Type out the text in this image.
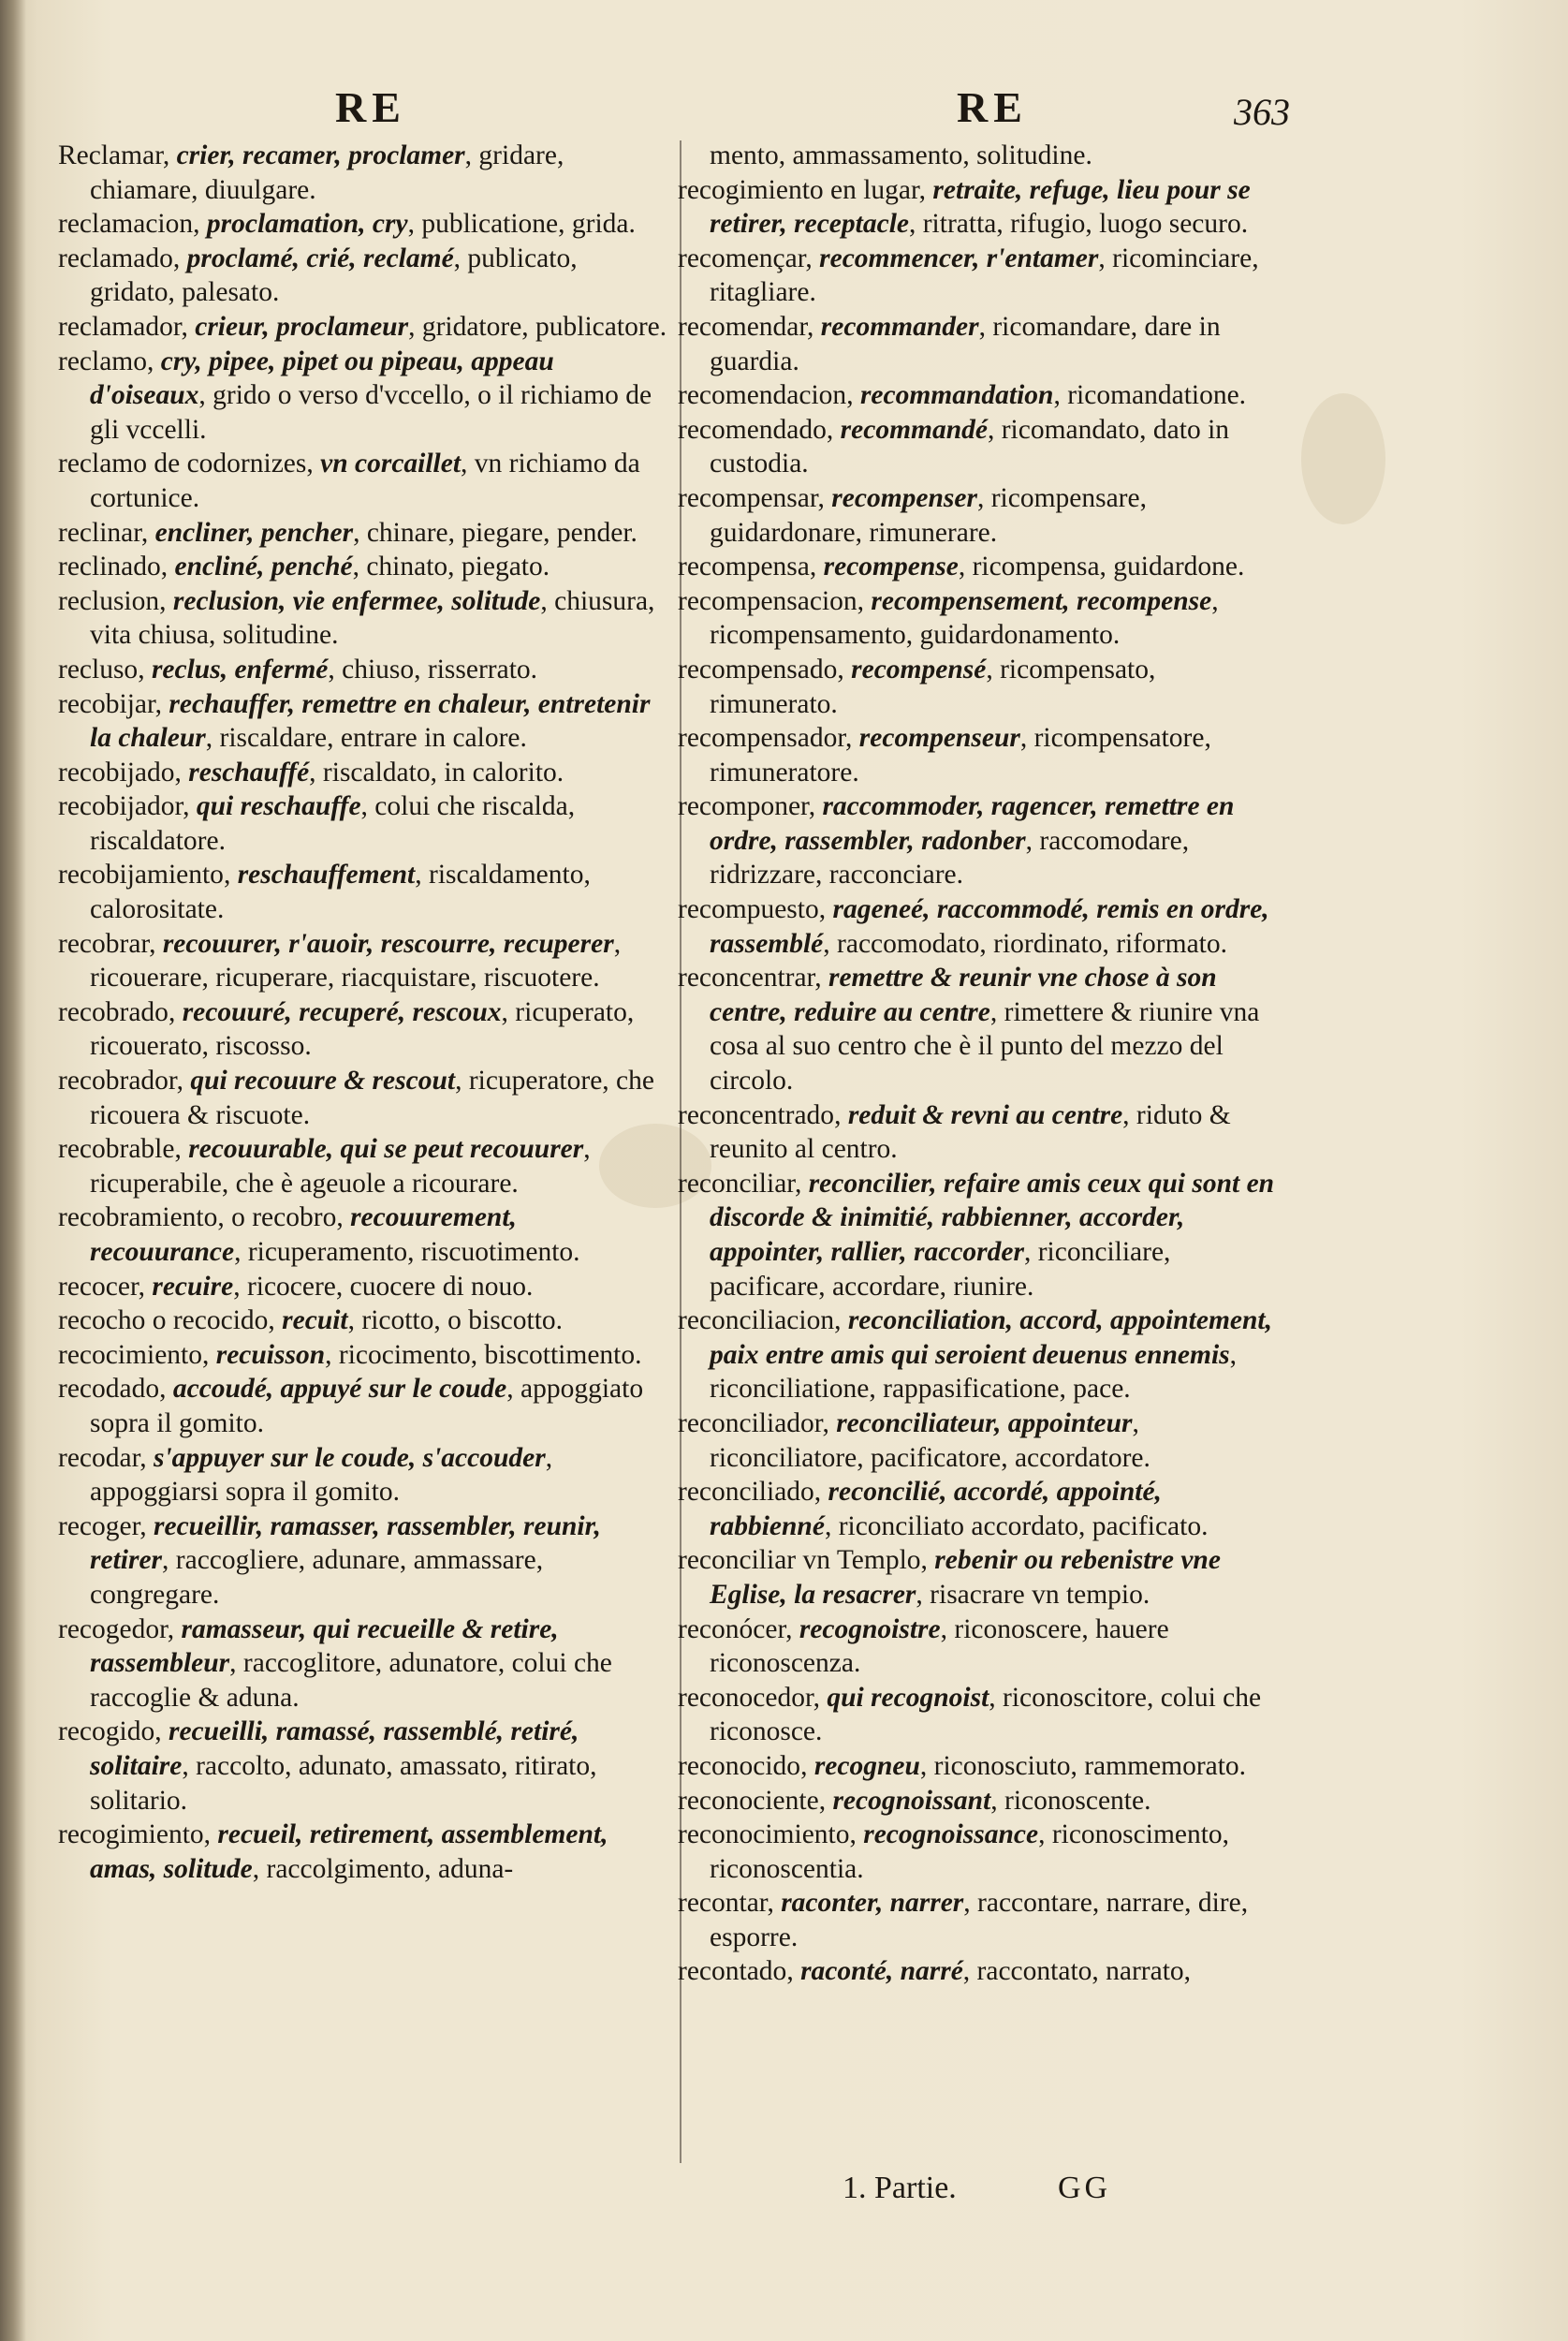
RE	RE	363

Reclamar, crier, recamer, proclamer, gridare, chiamare, diuulgare.

reclamacion, proclamation, cry, publicatione, grida.

reclamado, proclamé, crié, reclamé, publicato, gridato, palesato.

reclamador, crieur, proclameur, gridatore, publicatore.

reclamo, cry, pipee, pipet ou pipeau, appeau d'oiseaux, grido o verso d'vccello, o il richiamo de gli vccelli.

reclamo de codornizes, vn corcaillet, vn richiamo da cortunice.

reclinar, encliner, pencher, chinare, piegare, pender.

reclinado, encliné, penché, chinato, piegato.

reclusion, reclusion, vie enfermee, solitude, chiusura, vita chiusa, solitudine.

recluso, reclus, enfermé, chiuso, risserrato.

recobijar, rechauffer, remettre en chaleur, entretenir la chaleur, riscaldare, entrare in calore.

recobijado, reschauffé, riscaldato, in calorito.

recobijador, qui reschauffe, colui che riscalda, riscaldatore.

recobijamiento, reschauffement, riscaldamento, calorositate.

recobrar, recouurer, r'auoir, rescourre, recuperer, ricouerare, ricuperare, riacquistare, riscuotere.

recobrado, recouuré, recuperé, rescoux, ricuperato, ricouerato, riscosso.

recobrador, qui recouure & rescout, ricuperatore, che ricouera & riscuote.

recobrable, recouurable, qui se peut recouurer, ricuperabile, che è ageuole a ricourare.

recobramiento, o recobro, recouurement, recouurance, ricuperamento, riscuotimento.

recocer, recuire, ricocere, cuocere di nouo.

recocho o recocido, recuit, ricotto, o biscotto.

recocimiento, recuisson, ricocimento, biscottimento.

recodado, accoudé, appuyé sur le coude, appoggiato sopra il gomito.

recodar, s'appuyer sur le coude, s'accouder, appoggiarsi sopra il gomito.

recoger, recueillir, ramasser, rassembler, reunir, retirer, raccogliere, adunare, ammassare, congregare.

recogedor, ramasseur, qui recueille & retire, rassembleur, raccoglitore, adunatore, colui che raccoglie & aduna.

recogido, recueilli, ramassé, rassemblé, retiré, solitaire, raccolto, adunato, amassato, ritirato, solitario.

recogimiento, recueil, retirement, assemblement, amas, solitude, raccolgimento, aduna-

mento, ammassamento, solitudine.

recogimiento en lugar, retraite, refuge, lieu pour se retirer, receptacle, ritratta, rifugio, luogo securo.

recomençar, recommencer, r'entamer, ricominciare, ritagliare.

recomendar, recommander, ricomandare, dare in guardia.

recomendacion, recommandation, ricomandatione.

recomendado, recommandé, ricomandato, dato in custodia.

recompensar, recompenser, ricompensare, guidardonare, rimunerare.

recompensa, recompense, ricompensa, guidardone.

recompensacion, recompensement, recompense, ricompensamento, guidardonamento.

recompensado, recompensé, ricompensato, rimunerato.

recompensador, recompenseur, ricompensatore, rimuneratore.

recomponer, raccommoder, ragencer, remettre en ordre, rassembler, radonber, raccomodare, ridrizzare, racconciare.

recompuesto, rageneé, raccommodé, remis en ordre, rassemblé, raccomodato, riordinato, riformato.

reconcentrar, remettre & reunir vne chose à son centre, reduire au centre, rimettere & riunire vna cosa al suo centro che è il punto del mezzo del circolo.

reconcentrado, reduit & revni au centre, riduto & reunito al centro.

reconciliar, reconcilier, refaire amis ceux qui sont en discorde & inimitié, rabbienner, accorder, appointer, rallier, raccorder, riconciliare, pacificare, accordare, riunire.

reconciliacion, reconciliation, accord, appointement, paix entre amis qui seroient deuenus ennemis, riconciliatione, rappasificatione, pace.

reconciliador, reconciliateur, appointeur, riconciliatore, pacificatore, accordatore.

reconciliado, reconcilié, accordé, appointé, rabbienné, riconciliato accordato, pacificato.

reconciliar vn Templo, rebenir ou rebenistre vne Eglise, la resacrer, risacrare vn tempio.

reconócer, recognoistre, riconoscere, hauere riconoscenza.

reconocedor, qui recognoist, riconoscitore, colui che riconosce.

reconocido, recogneu, riconosciuto, rammemorato.

reconociente, recognoissant, riconoscente.

reconocimiento, recognoissance, riconoscimento, riconoscentia.

recontar, raconter, narrer, raccontare, narrare, dire, esporre.

recontado, raconté, narré, raccontato, narrato,

1. Partie.	GG
